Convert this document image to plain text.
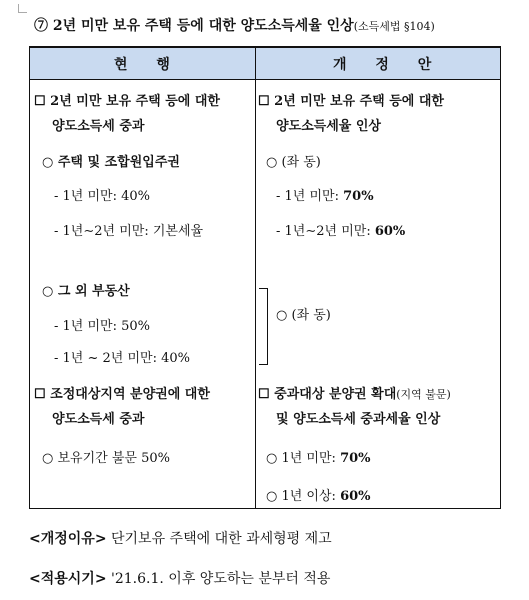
⑦ 2년 미만 보유 주택 등에 대한 양도소득세율 인상(소득세법 §104)
현 행	개 정 안
☐ 2년 미만 보유 주택 등에 대한
양도소득세 중과
○ 주택 및 조합원입주권
- 1년 미만: 40%
- 1년∼2년 미만: 기본세율
○ 그 외 부동산
- 1년 미만: 50%
- 1년 ~ 2년 미만: 40%
☐ 조정대상지역 분양권에 대한
양도소득세 중과
○ 보유기간 불문 50%
☐ 2년 미만 보유 주택 등에 대한
양도소득세율 인상
○ (좌 동)
- 1년 미만: 70%
- 1년∼2년 미만: 60%
○ (좌 동)
☐ 중과대상 분양권 확대(지역 불문)
및 양도소득세 중과세율 인상
○ 1년 미만: 70%
○ 1년 이상: 60%
<개정이유> 단기보유 주택에 대한 과세형평 제고
<적용시기> '21.6.1. 이후 양도하는 분부터 적용
